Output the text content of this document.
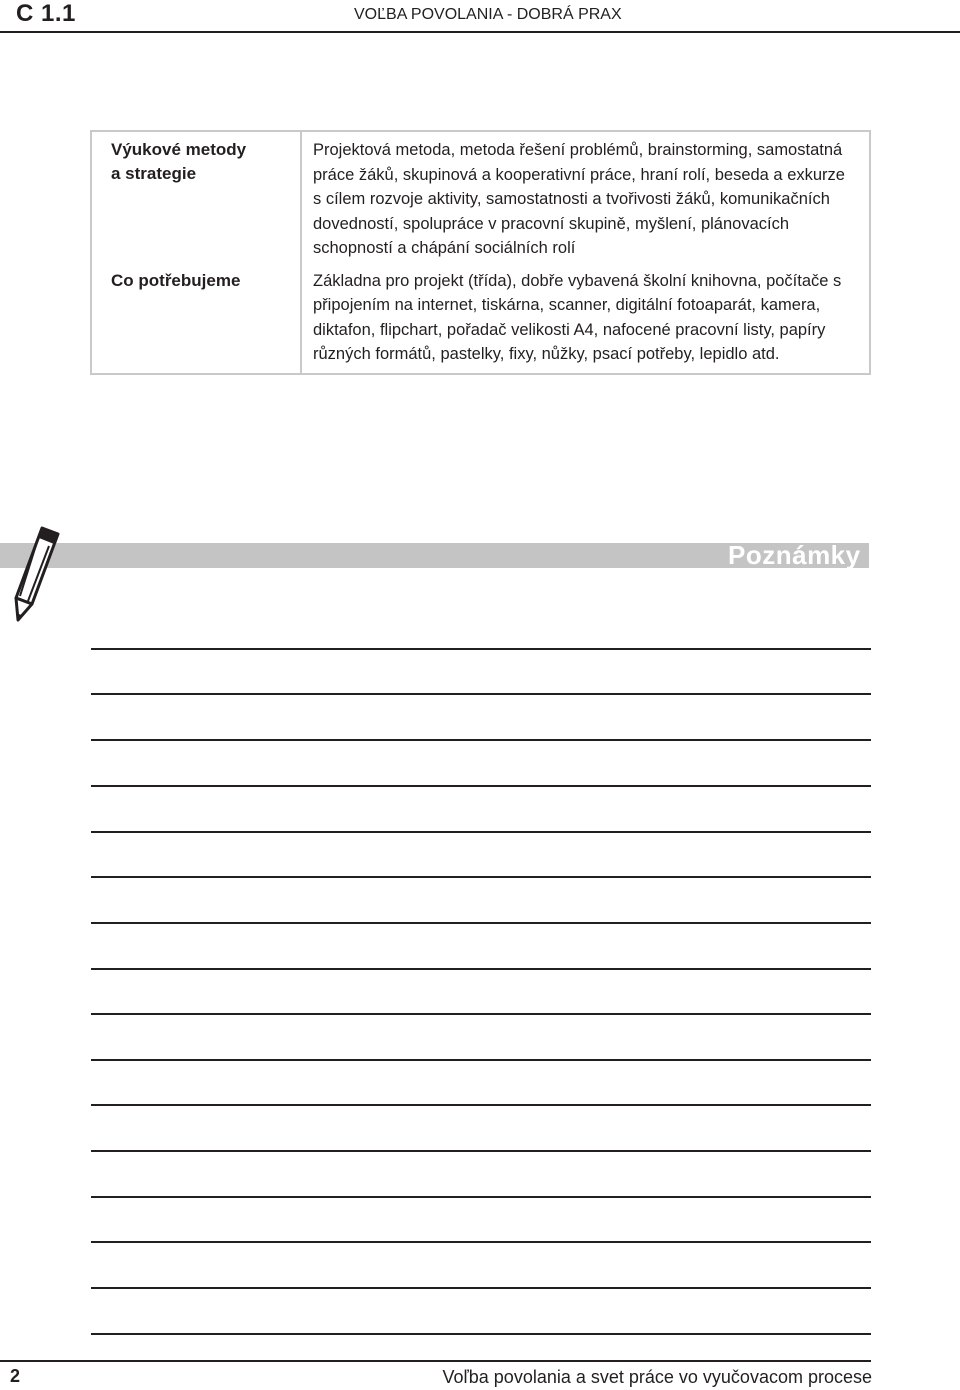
C 1.1	VOĽBA POVOLANIA - DOBRÁ PRAX
Výukové metody
a strategie	Projektová metoda, metoda řešení problémů, brainstorming, samostatná práce žáků, skupinová a kooperativní práce, hraní rolí, beseda a exkurze s cílem rozvoje aktivity, samostatnosti a tvořivosti žáků, komunikačních dovedností, spolupráce v pracovní skupině, myšlení, plánovacích schopností a chápání sociálních rolí

Co potřebujeme	Základna pro projekt (třída), dobře vybavená školní knihovna, počítače s připojením na internet, tiskárna, scanner, digitální fotoaparát, kamera, diktafon, flipchart, pořadač velikosti A4, nafocené pracovní listy, papíry různých formátů, pastelky, fixy, nůžky, psací potřeby, lepidlo atd.
Poznámky
2	Voľba povolania a svet práce vo vyučovacom procese
